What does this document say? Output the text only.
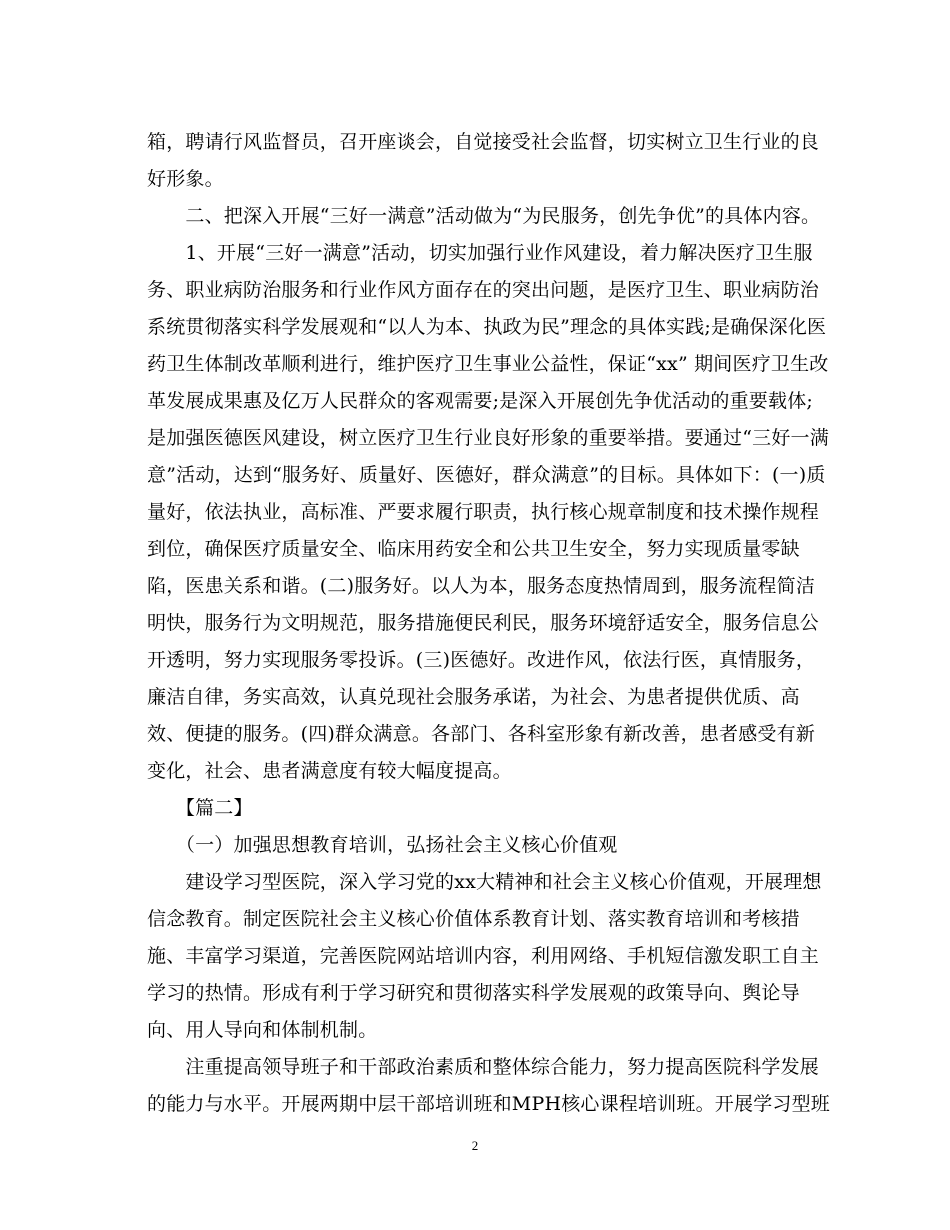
箱，聘请行风监督员，召开座谈会，自觉接受社会监督，切实树立卫生行业的良
好形象。
　　二、把深入开展“三好一满意”活动做为“为民服务，创先争优”的具体内容。
　　1、开展“三好一满意”活动，切实加强行业作风建设，着力解决医疗卫生服
务、职业病防治服务和行业作风方面存在的突出问题，是医疗卫生、职业病防治
系统贯彻落实科学发展观和“以人为本、执政为民”理念的具体实践;是确保深化医
药卫生体制改革顺利进行，维护医疗卫生事业公益性，保证“xx” 期间医疗卫生改
革发展成果惠及亿万人民群众的客观需要;是深入开展创先争优活动的重要载体;
是加强医德医风建设，树立医疗卫生行业良好形象的重要举措。要通过“三好一满
意”活动，达到“服务好、质量好、医德好，群众满意”的目标。具体如下：(一)质
量好，依法执业，高标准、严要求履行职责，执行核心规章制度和技术操作规程
到位，确保医疗质量安全、临床用药安全和公共卫生安全，努力实现质量零缺
陷，医患关系和谐。(二)服务好。以人为本，服务态度热情周到，服务流程简洁
明快，服务行为文明规范，服务措施便民利民，服务环境舒适安全，服务信息公
开透明，努力实现服务零投诉。(三)医德好。改进作风，依法行医，真情服务，
廉洁自律，务实高效，认真兑现社会服务承诺，为社会、为患者提供优质、高
效、便捷的服务。(四)群众满意。各部门、各科室形象有新改善，患者感受有新
变化，社会、患者满意度有较大幅度提高。
　　【篇二】
　　（一）加强思想教育培训，弘扬社会主义核心价值观
　　建设学习型医院，深入学习党的xx大精神和社会主义核心价值观，开展理想
信念教育。制定医院社会主义核心价值体系教育计划、落实教育培训和考核措
施、丰富学习渠道，完善医院网站培训内容，利用网络、手机短信激发职工自主
学习的热情。形成有利于学习研究和贯彻落实科学发展观的政策导向、舆论导
向、用人导向和体制机制。
　　注重提高领导班子和干部政治素质和整体综合能力，努力提高医院科学发展
的能力与水平。开展两期中层干部培训班和MPH核心课程培训班。开展学习型班
2
